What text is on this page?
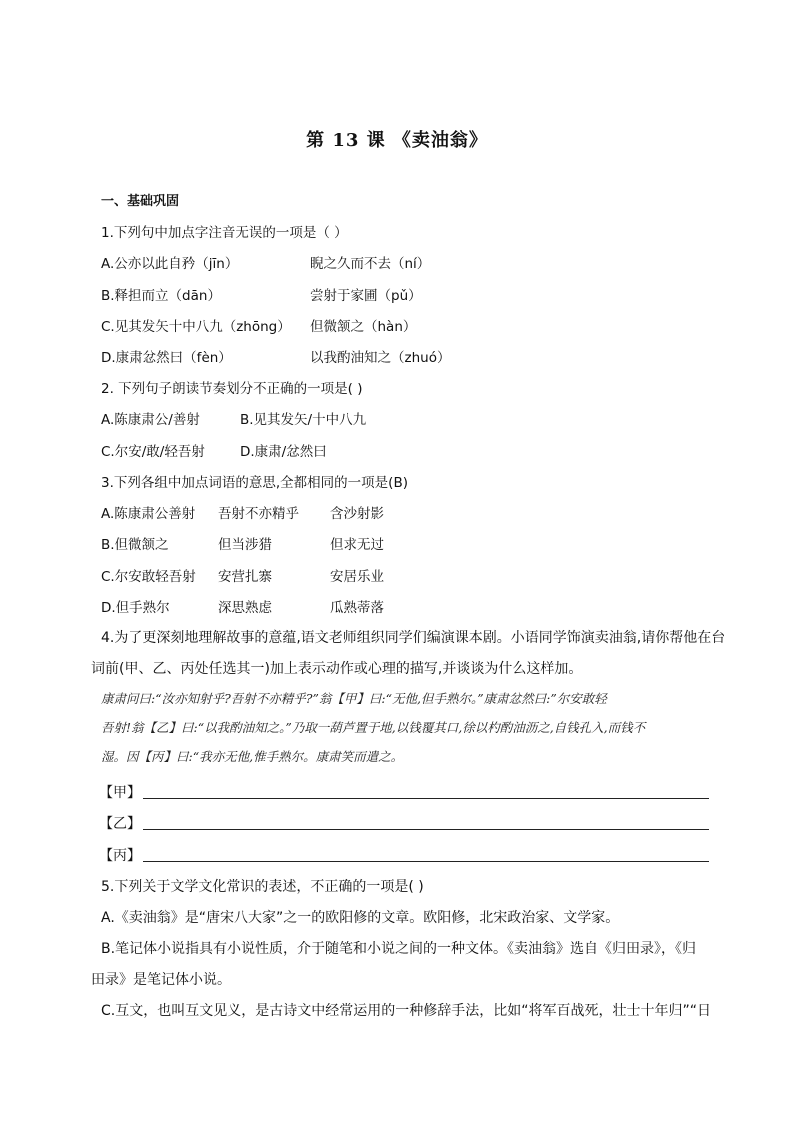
第 13 课 《卖油翁》
一、基础巩固
1.下列句中加点字注音无误的一项是（ ）
A.公亦以此自矜（jīn）	睨之久而不去（ní）
B.释担而立（dān）	尝射于家圃（pǔ）
C.见其发矢十中八九（zhōng） 但微颔之（hàn）
D.康肃忿然曰（fèn）	以我酌油知之（zhuó）
2. 下列句子朗读节奏划分不正确的一项是( )
A.陈康肃公/善射	B.见其发矢/十中八九
C.尔安/敢/轻吾射	D.康肃/忿然曰
3.下列各组中加点词语的意思,全都相同的一项是(B)
A.陈康肃公善射 吾射不亦精乎 含沙射影
B.但微颔之	但当涉猎	但求无过
C.尔安敢轻吾射 安营扎寨	安居乐业
D.但手熟尔	深思熟虑	瓜熟蒂落
4.为了更深刻地理解故事的意蕴,语文老师组织同学们编演课本剧。小语同学饰演卖油翁,请你帮他在台
词前(甲、乙、丙处任选其一)加上表示动作或心理的描写,并谈谈为什么这样加。
康肃问曰:“汝亦知射乎?吾射不亦精乎?”翁【甲】曰:“无他,但手熟尔。”康肃忿然曰:”尔安敢轻
吾射!翁【乙】曰:“以我酌油知之。”乃取一葫芦置于地,以钱覆其口,徐以杓酌油沥之,自钱孔入,而钱不
湿。因【丙】曰:“我亦无他,惟手熟尔。康肃笑而遣之。
【甲】
【乙】
【丙】
5.下列关于文学文化常识的表述，不正确的一项是( )
A.《卖油翁》是“唐宋八大家”之一的欧阳修的文章。欧阳修，北宋政治家、文学家。
B.笔记体小说指具有小说性质，介于随笔和小说之间的一种文体。《卖油翁》选自《归田录》，《归
田录》是笔记体小说。
C.互文，也叫互文见义，是古诗文中经常运用的一种修辞手法，比如“将军百战死，壮士十年归”“日
